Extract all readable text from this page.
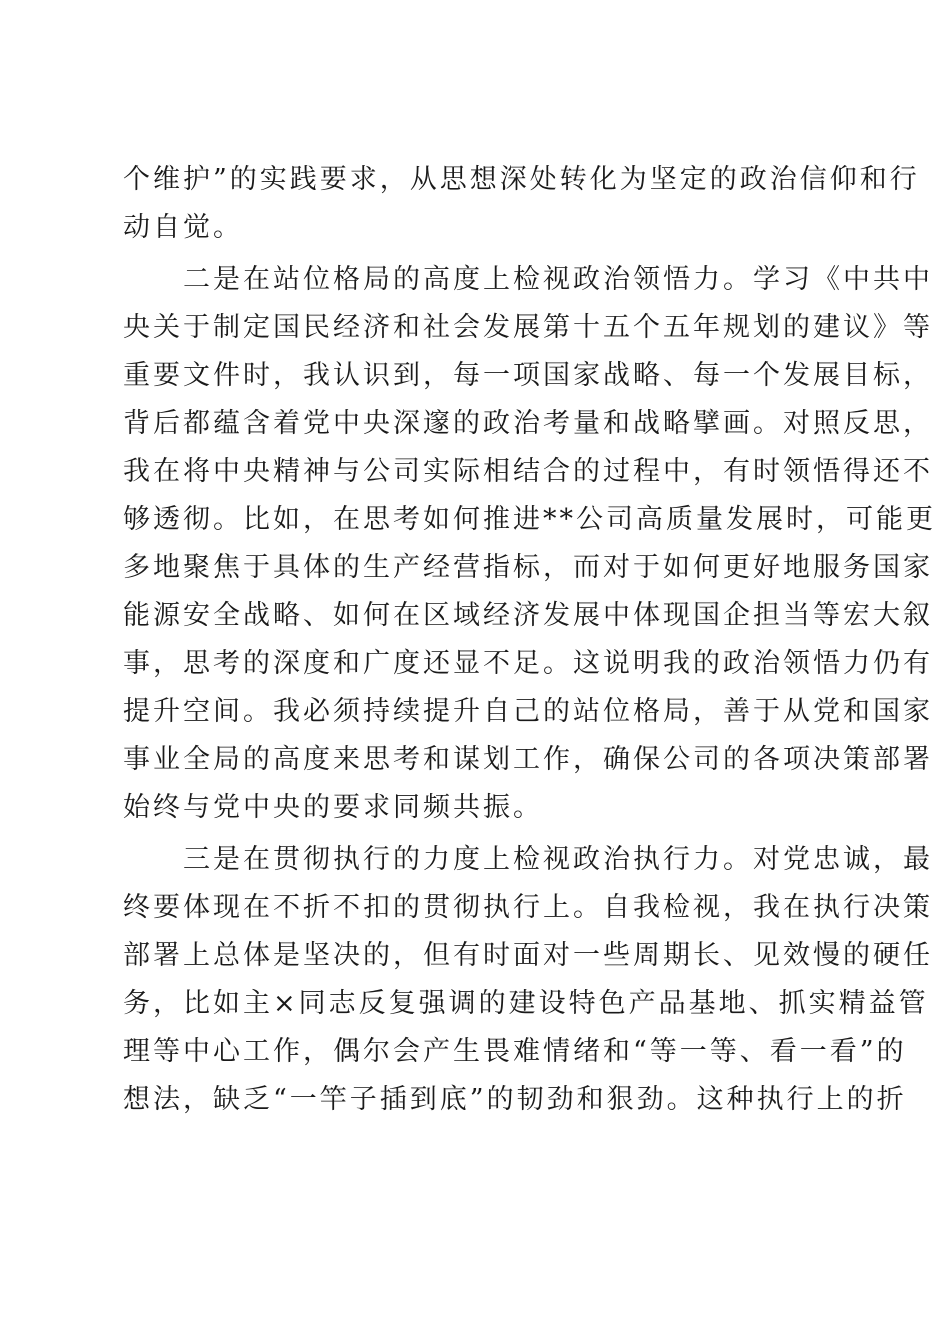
个维护”的实践要求，从思想深处转化为坚定的政治信仰和行
动自觉。
　　二是在站位格局的高度上检视政治领悟力。学习《中共中
央关于制定国民经济和社会发展第十五个五年规划的建议》等
重要文件时，我认识到，每一项国家战略、每一个发展目标，
背后都蕴含着党中央深邃的政治考量和战略擘画。对照反思，
我在将中央精神与公司实际相结合的过程中，有时领悟得还不
够透彻。比如，在思考如何推进**公司高质量发展时，可能更
多地聚焦于具体的生产经营指标，而对于如何更好地服务国家
能源安全战略、如何在区域经济发展中体现国企担当等宏大叙
事，思考的深度和广度还显不足。这说明我的政治领悟力仍有
提升空间。我必须持续提升自己的站位格局，善于从党和国家
事业全局的高度来思考和谋划工作，确保公司的各项决策部署
始终与党中央的要求同频共振。
　　三是在贯彻执行的力度上检视政治执行力。对党忠诚，最
终要体现在不折不扣的贯彻执行上。自我检视，我在执行决策
部署上总体是坚决的，但有时面对一些周期长、见效慢的硬任
务，比如主×同志反复强调的建设特色产品基地、抓实精益管
理等中心工作，偶尔会产生畏难情绪和“等一等、看一看”的
想法，缺乏“一竿子插到底”的韧劲和狠劲。这种执行上的折
